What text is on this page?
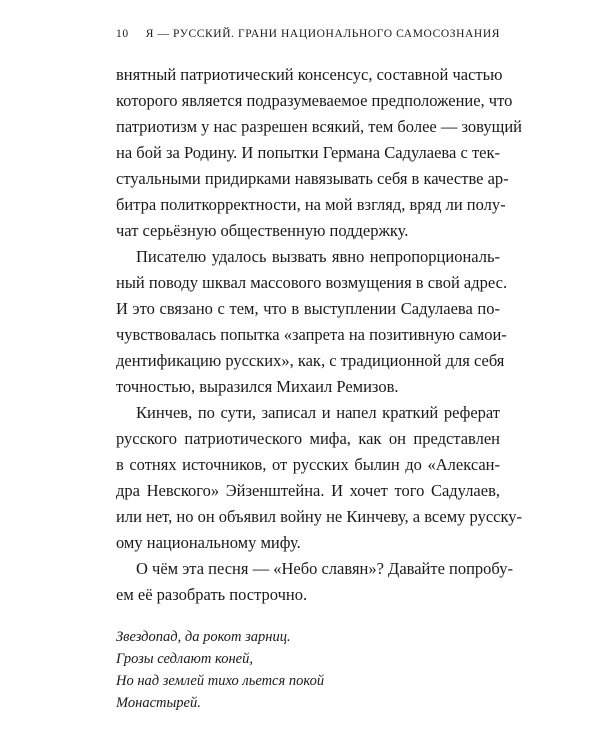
10 Я — РУССКИЙ. ГРАНИ НАЦИОНАЛЬНОГО САМОСОЗНАНИЯ
внятный патриотический консенсус, составной частью
которого является подразумеваемое предположение, что
патриотизм у нас разрешен всякий, тем более — зовущий
на бой за Родину. И попытки Германа Садулаева с тек-
стуальными придирками навязывать себя в качестве ар-
битра политкорректности, на мой взгляд, вряд ли полу-
чат серьёзную общественную поддержку.
Писателю удалось вызвать явно непропорциональ-
ный поводу шквал массового возмущения в свой адрес.
И это связано с тем, что в выступлении Садулаева по-
чувствовалась попытка «запрета на позитивную самои-
дентификацию русских», как, с традиционной для себя
точностью, выразился Михаил Ремизов.
Кинчев, по сути, записал и напел краткий реферат
русского патриотического мифа, как он представлен
в сотнях источников, от русских былин до «Алексан-
дра Невского» Эйзенштейна. И хочет того Садулаев,
или нет, но он объявил войну не Кинчеву, а всему русску-
ому национальному мифу.
О чём эта песня — «Небо славян»? Давайте попробу-
ем её разобрать построчно.
Звездопад, да рокот зарниц.
Грозы седлают коней,
Но над землей тихо льется покой
Монастырей.
